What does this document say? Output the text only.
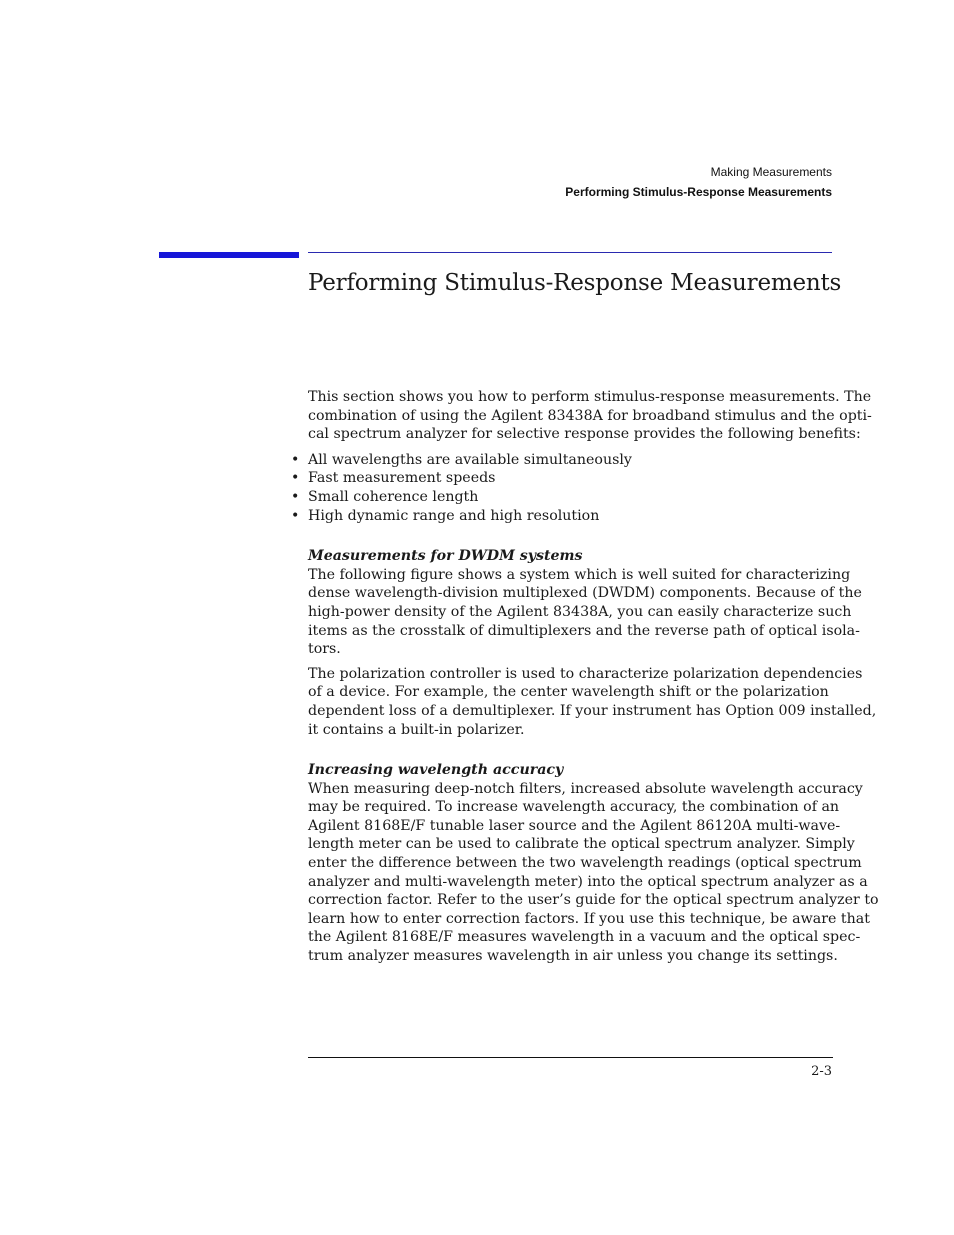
Making Measurements
Performing Stimulus-Response Measurements
Performing Stimulus-Response Measurements

This section shows you how to perform stimulus-response measurements. The
combination of using the Agilent 83438A for broadband stimulus and the opti-
cal spectrum analyzer for selective response provides the following benefits:

• All wavelengths are available simultaneously
• Fast measurement speeds
• Small coherence length
• High dynamic range and high resolution

Measurements for DWDM systems

The following figure shows a system which is well suited for characterizing
dense wavelength-division multiplexed (DWDM) components. Because of the
high-power density of the Agilent 83438A, you can easily characterize such
items as the crosstalk of dimultiplexers and the reverse path of optical isola-
tors.

The polarization controller is used to characterize polarization dependencies
of a device. For example, the center wavelength shift or the polarization
dependent loss of a demultiplexer. If your instrument has Option 009 installed,
it contains a built-in polarizer.

Increasing wavelength accuracy

When measuring deep-notch filters, increased absolute wavelength accuracy
may be required. To increase wavelength accuracy, the combination of an
Agilent 8168E/F tunable laser source and the Agilent 86120A multi-wave-
length meter can be used to calibrate the optical spectrum analyzer. Simply
enter the difference between the two wavelength readings (optical spectrum
analyzer and multi-wavelength meter) into the optical spectrum analyzer as a
correction factor. Refer to the user’s guide for the optical spectrum analyzer to
learn how to enter correction factors. If you use this technique, be aware that
the Agilent 8168E/F measures wavelength in a vacuum and the optical spec-
trum analyzer measures wavelength in air unless you change its settings.

2-3
